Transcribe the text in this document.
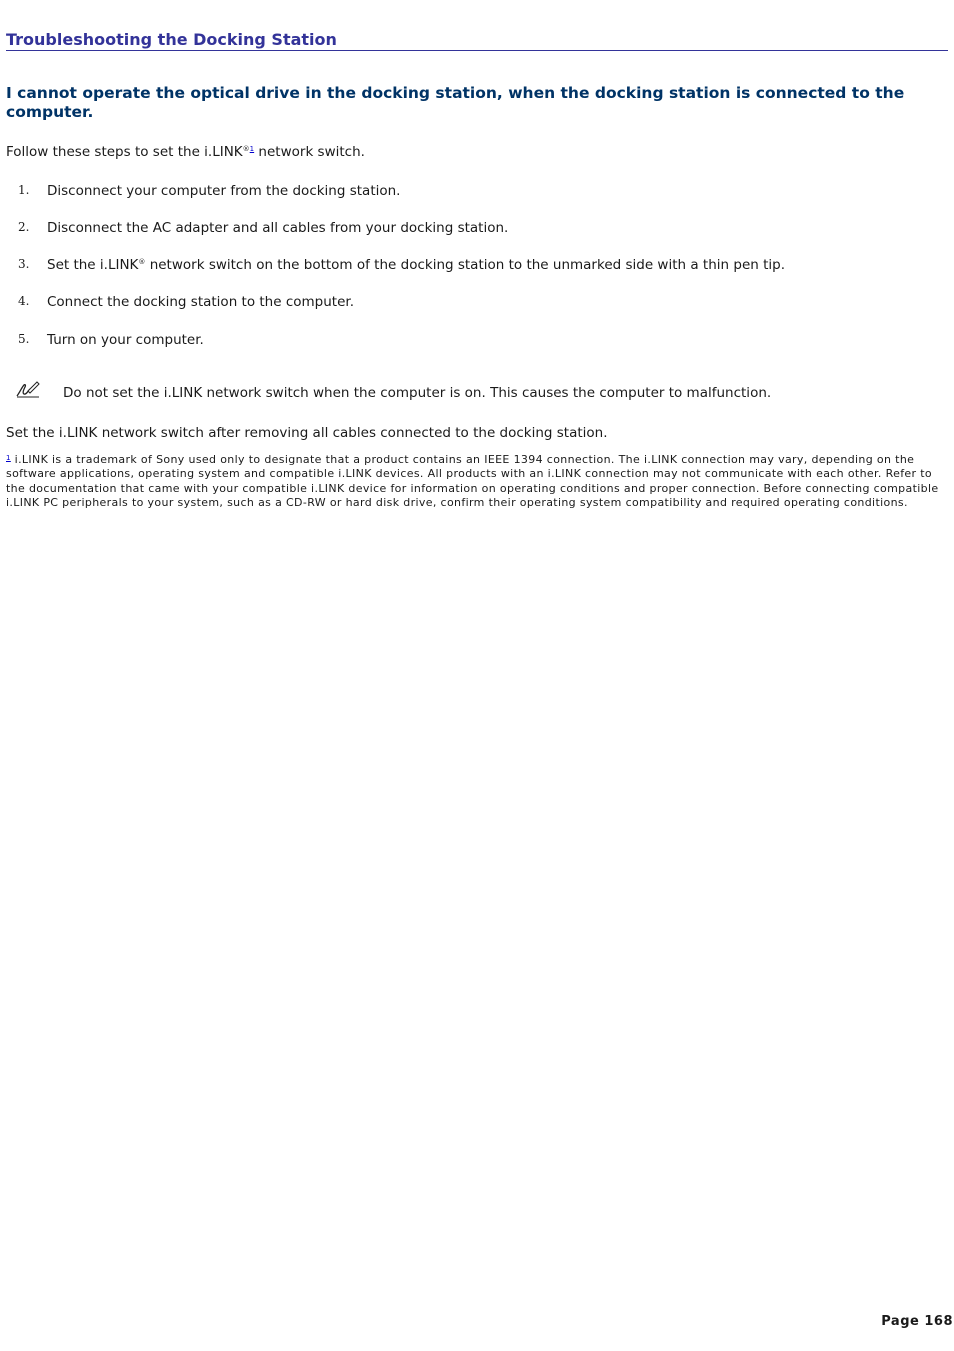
Troubleshooting the Docking Station
I cannot operate the optical drive in the docking station, when the docking station is connected to the computer.
Follow these steps to set the i.LINK$^{®1}$ network switch.
1. Disconnect your computer from the docking station.
2. Disconnect the AC adapter and all cables from your docking station.
3. Set the i.LINK® network switch on the bottom of the docking station to the unmarked side with a thin pen tip.
4. Connect the docking station to the computer.
5. Turn on your computer.
Do not set the i.LINK network switch when the computer is on. This causes the computer to malfunction.
Set the i.LINK network switch after removing all cables connected to the docking station.
$^1$ i.LINK is a trademark of Sony used only to designate that a product contains an IEEE 1394 connection. The i.LINK connection may vary, depending on the software applications, operating system and compatible i.LINK devices. All products with an i.LINK connection may not communicate with each other. Refer to the documentation that came with your compatible i.LINK device for information on operating conditions and proper connection. Before connecting compatible i.LINK PC peripherals to your system, such as a CD-RW or hard disk drive, confirm their operating system compatibility and required operating conditions.
Page 168
